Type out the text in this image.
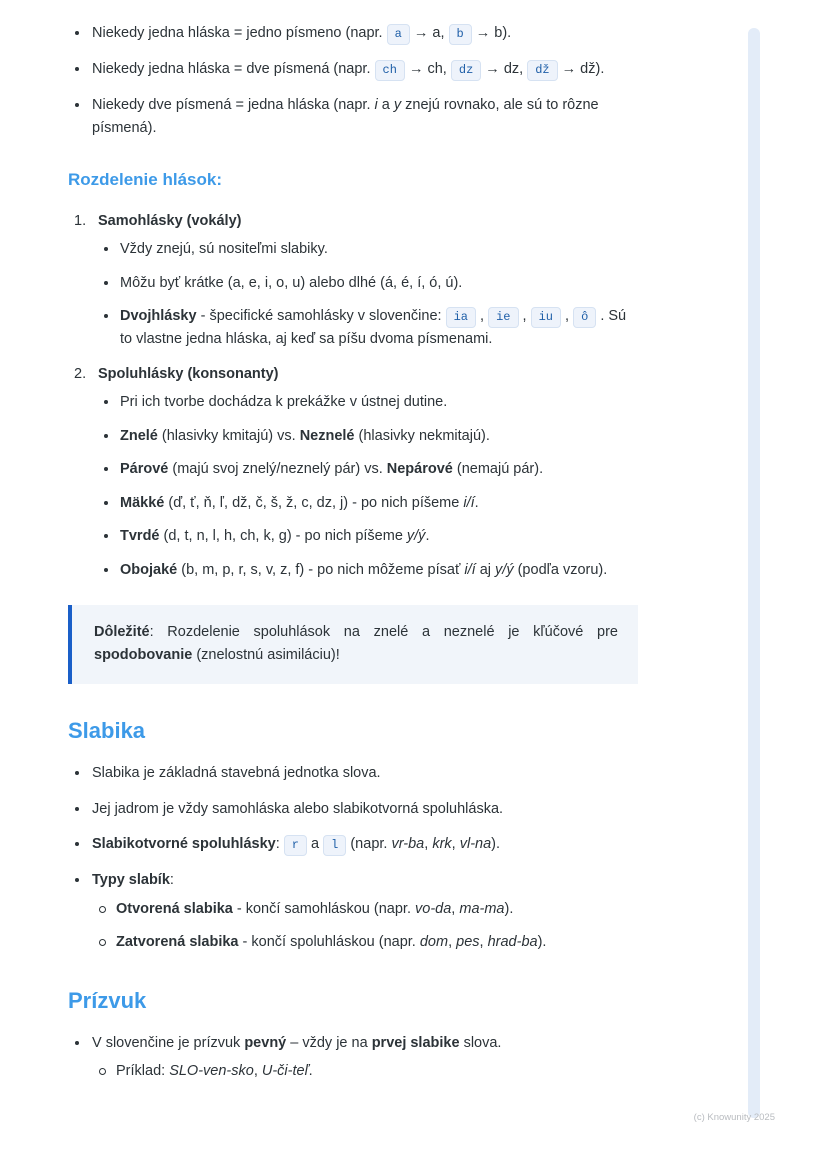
Niekedy jedna hláska = jedno písmeno (napr. a → a, b → b).
Niekedy jedna hláska = dve písmená (napr. ch → ch, dz → dz, dž → dž).
Niekedy dve písmená = jedna hláska (napr. i a y znejú rovnako, ale sú to rôzne písmená).
Rozdelenie hlások:
Samohlásky (vokály)
Vždy znejú, sú nositeľmi slabiky.
Môžu byť krátke (a, e, i, o, u) alebo dlhé (á, é, í, ó, ú).
Dvojhlásky - špecifické samohlásky v slovenčine: ia , ie , iu , ô . Sú to vlastne jedna hláska, aj keď sa píšu dvoma písmenami.
Spoluhlásky (konsonanty)
Pri ich tvorbe dochádza k prekážke v ústnej dutine.
Znelé (hlasivky kmitajú) vs. Neznelé (hlasivky nekmitajú).
Párové (majú svoj znelý/neznelý pár) vs. Nepárové (nemajú pár).
Mäkké (ď, ť, ň, ľ, dž, č, š, ž, c, dz, j) - po nich píšeme i/í.
Tvrdé (d, t, n, l, h, ch, k, g) - po nich píšeme y/ý.
Obojaké (b, m, p, r, s, v, z, f) - po nich môžeme písať i/í aj y/ý (podľa vzoru).
Dôležité: Rozdelenie spoluhlások na znelé a neznelé je kľúčové pre spodobovanie (znelostnú asimiláciu)!
Slabika
Slabika je základná stavebná jednotka slova.
Jej jadrom je vždy samohláska alebo slabikotvorná spoluhláska.
Slabikotvorné spoluhlásky: r a l (napr. vr-ba, krk, vl-na).
Typy slabík:
Otvorená slabika - končí samohláskou (napr. vo-da, ma-ma).
Zatvorená slabika - končí spoluhláskou (napr. dom, pes, hrad-ba).
Prízvuk
V slovenčine je prízvuk pevný – vždy je na prvej slabike slova.
Príklad: SLO-ven-sko, U-či-teľ.
(c) Knowunity 2025
